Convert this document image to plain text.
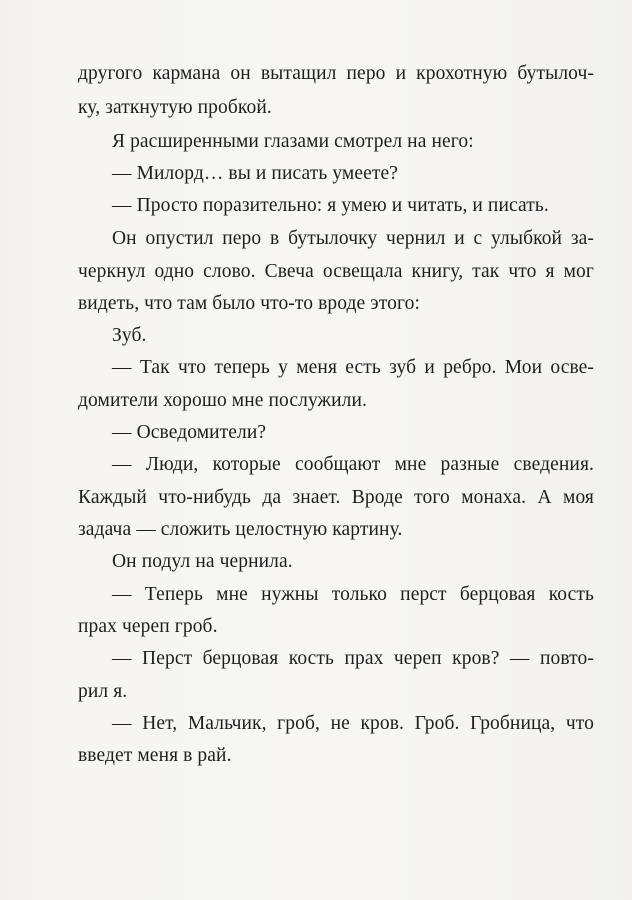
другого кармана он вытащил перо и крохотную бутылоч-
ку, заткнутую пробкой.
Я расширенными глазами смотрел на него:
— Милорд… вы и писать умеете?
— Просто поразительно: я умею и читать, и писать.
Он опустил перо в бутылочку чернил и с улыбкой за-
черкнул одно слово. Свеча освещала книгу, так что я мог
видеть, что там было что-то вроде этого:
Зуб.
— Так что теперь у меня есть зуб и ребро. Мои осве-
домители хорошо мне послужили.
— Осведомители?
— Люди, которые сообщают мне разные сведения.
Каждый что-нибудь да знает. Вроде того монаха. А моя
задача — сложить целостную картину.
Он подул на чернила.
— Теперь мне нужны только перст берцовая кость
прах череп гроб.
— Перст берцовая кость прах череп кров? — повто-
рил я.
— Нет, Мальчик, гроб, не кров. Гроб. Гробница, что
введет меня в рай.
